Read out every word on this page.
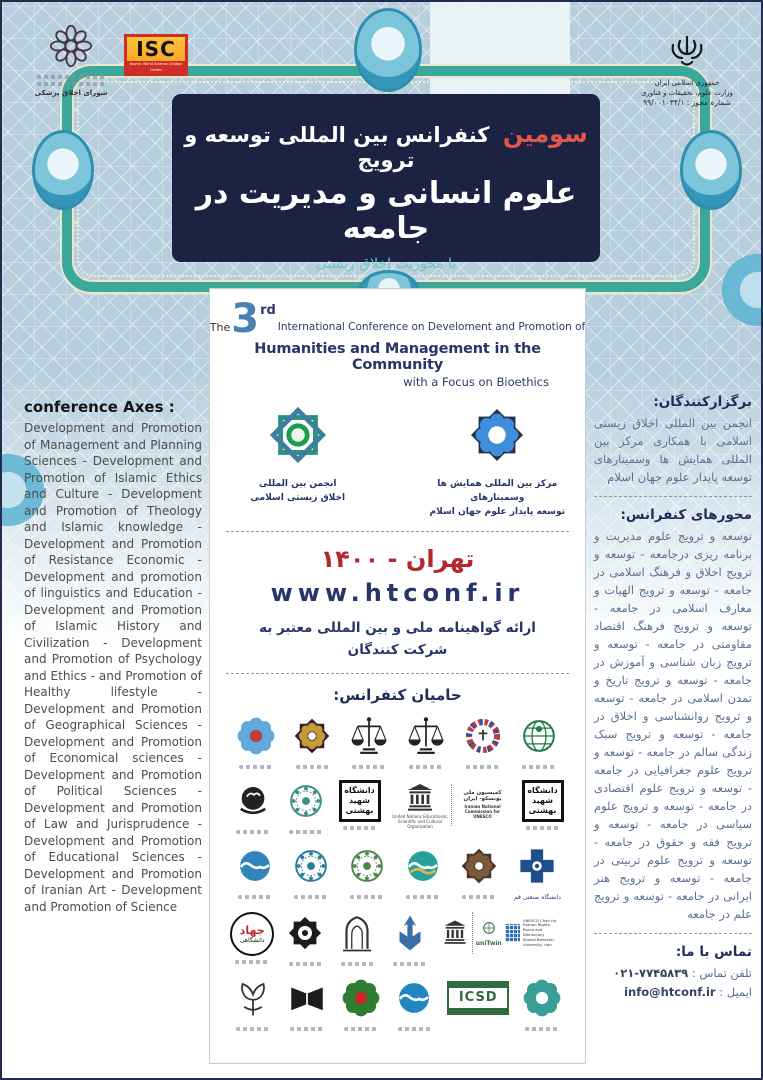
شورای اخلاق پزشکی
ISC
Islamic World Science Citation Center
جمهوری اسلامی ایران
وزارت علوم، تحقیقات و فناوری
شماره مجوز : ۹۹/۰۰۱۰۳۴/۱
سومین کنفرانس بین المللی توسعه و ترویج
علوم انسانی و مدیریت در جامعه
با محوریت اخلاق زیستی
The 3 rd
International Conference on Develoment and Promotion of
Humanities and Management in the Community
with a Focus on Bioethics
انجمن بین المللی
اخلاق زیستی اسلامی
مرکز بین المللی همایش ها وسمینارهای
توسعه پایدار علوم جهان اسلام
تهران - ۱۴۰۰
www.htconf.ir
ارائه گواهینامه ملی و بین المللی معتبر به
شرکت کنندگان
حامیان کنفرانس:
دانشگاه
شهید بهشتی
United Nations Educational, Scientific and Cultural Organization
کمیسیون ملی یونسکو- ایران
Iranian National Commission for UNESCO
دانشگاه
شهید بهشتی
دانشگاه صنعتی قم
جهاد
دانشگاهی	uniTwin
UNESCO Chair for Human Rights,
Peace and Democracy
Shahid Beheshti University, Iran
ICSD
conference Axes :

Development and Promotion of Management and Planning Sciences - Development and Promotion of Islamic Ethics and Culture - Development and Promotion of Theology and Islamic knowledge - Development and Promotion of Resistance Economic - Development and promotion of linguistics and Education - Development and Promotion of Islamic History and Civilization - Development and Promotion of Psychology and Ethics - and Promotion of Healthy lifestyle - Development and Promotion of Geographical Sciences - Development and Promotion of Economical sciences - Development and Promotion of Political Sciences - Development and Promotion of Law and Jurisprudence - Development and Promotion of Educational Sciences - Development and Promotion of Iranian Art - Development and Promotion of Science

برگزارکنندگان:

انجمن بین المللی اخلاق زیستی اسلامی با همکاری مرکز بین المللی همایش ها وسمینارهای توسعه پایدار علوم جهان اسلام

محورهای کنفرانس:

توسعه و ترویج علوم مدیریت و برنامه ریزی درجامعه - توسعه و ترویج اخلاق و فرهنگ اسلامی در جامعه - توسعه و ترویج الهیات و معارف اسلامی در جامعه - توسعه و ترویج فرهنگ اقتصاد مقاومتی در جامعه - توسعه و ترویج زبان شناسی و آموزش در جامعه - توسعه و ترویج تاریخ و تمدن اسلامی در جامعه - توسعه و ترویج روانشناسی و اخلاق در جامعه - توسعه و ترویج سبک زندگی سالم در جامعه - توسعه و ترویج علوم جغرافیایی در جامعه - توسعه و ترویج علوم اقتصادی در جامعه - توسعه و ترویج علوم سیاسی در جامعه - توسعه و ترویج فقه و حقوق در جامعه - توسعه و ترویج علوم تربیتی در جامعه - توسعه و ترویج هنر ایرانی در جامعه - توسعه و ترویج علم در جامعه

تماس با ما:

تلفن تماس : ۰۲۱-۷۷۴۵۸۳۹

ایمیل : info@htconf.ir
